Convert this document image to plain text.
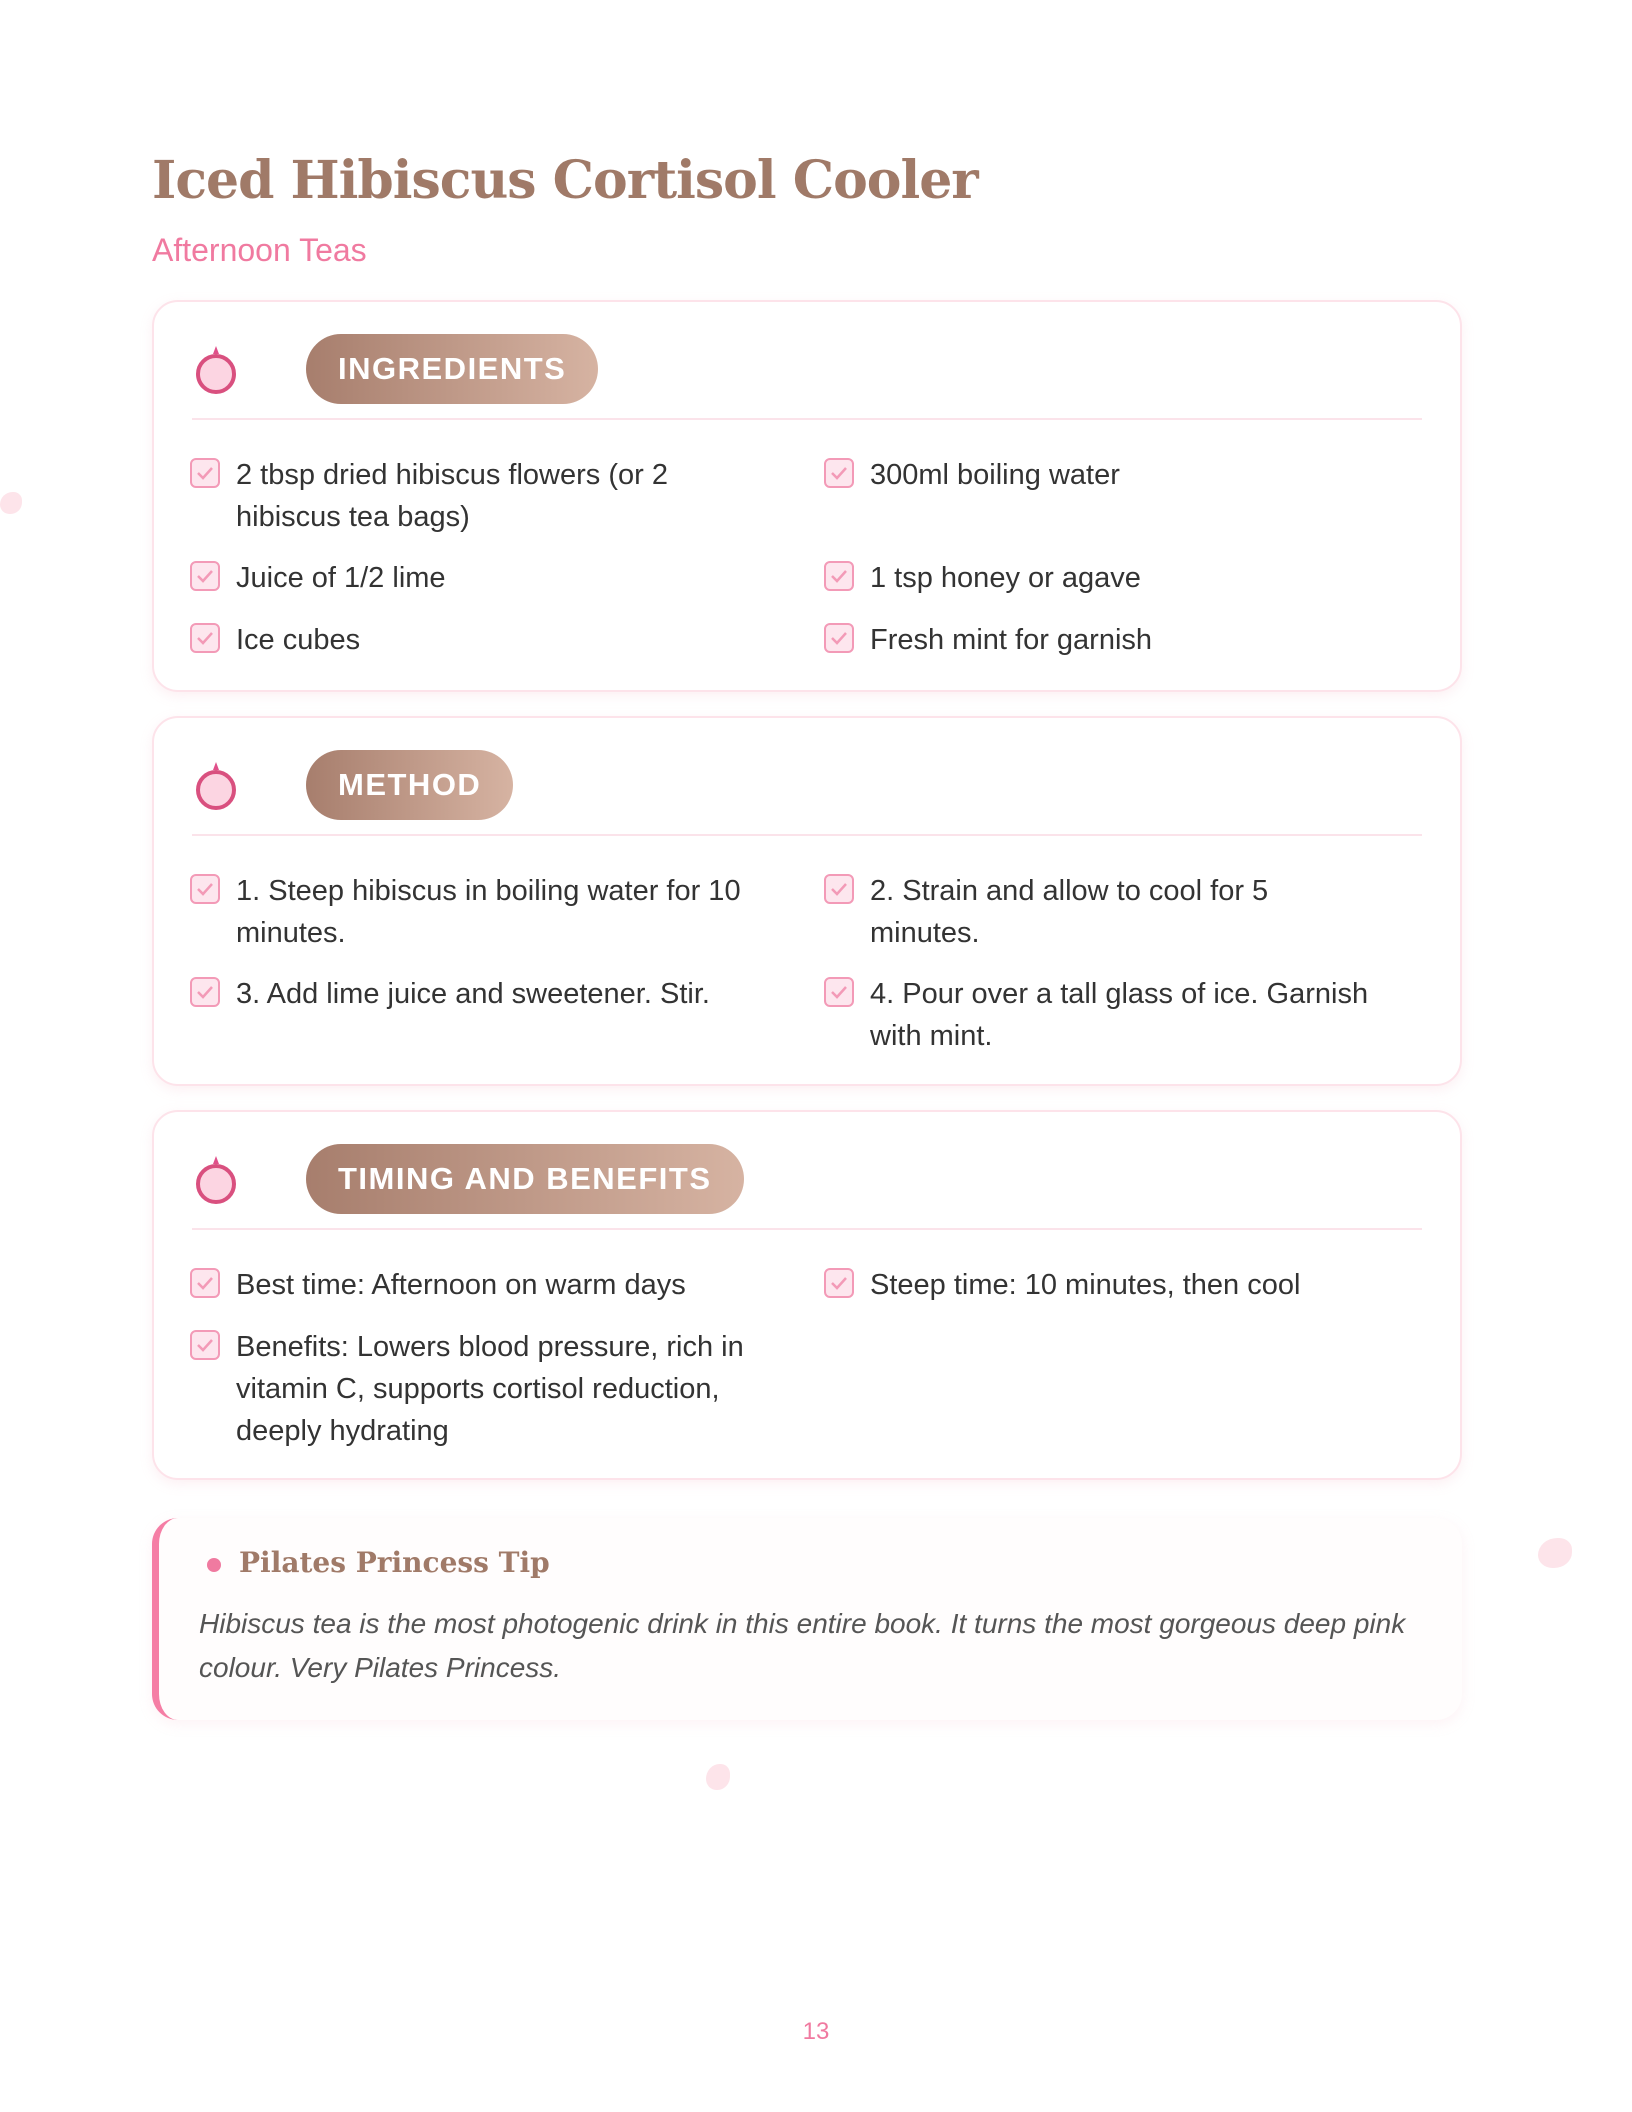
Iced Hibiscus Cortisol Cooler
Afternoon Teas
INGREDIENTS
2 tbsp dried hibiscus flowers (or 2 hibiscus tea bags)
300ml boiling water
Juice of 1/2 lime	1 tsp honey or agave
Ice cubes	Fresh mint for garnish
METHOD
1. Steep hibiscus in boiling water for 10 minutes.
2. Strain and allow to cool for 5 minutes.
3. Add lime juice and sweetener. Stir.	4. Pour over a tall glass of ice. Garnish with mint.
TIMING AND BENEFITS
Best time: Afternoon on warm days	Steep time: 10 minutes, then cool
Benefits: Lowers blood pressure, rich in vitamin C, supports cortisol reduction, deeply hydrating
Pilates Princess Tip
Hibiscus tea is the most photogenic drink in this entire book. It turns the most gorgeous deep pink colour. Very Pilates Princess.
13
